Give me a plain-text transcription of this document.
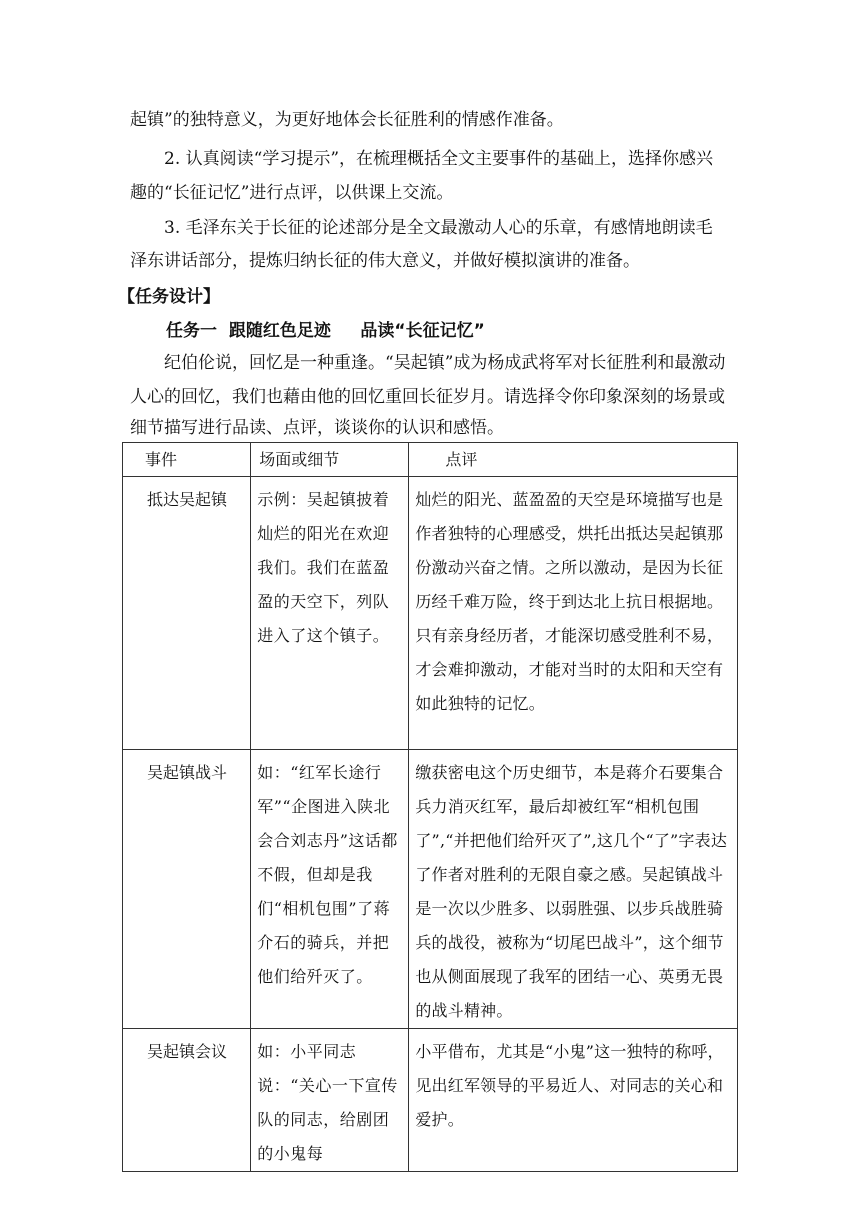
起镇”的独特意义，为更好地体会长征胜利的情感作准备。
2. 认真阅读“学习提示”，在梳理概括全文主要事件的基础上，选择你感兴
趣的“长征记忆”进行点评，以供课上交流。
3. 毛泽东关于长征的论述部分是全文最激动人心的乐章，有感情地朗读毛
泽东讲话部分，提炼归纳长征的伟大意义，并做好模拟演讲的准备。
【任务设计】
任务一  跟随红色足迹     品读“长征记忆”
纪伯伦说，回忆是一种重逢。“吴起镇”成为杨成武将军对长征胜利和最激动
人心的回忆，我们也藉由他的回忆重回长征岁月。请选择令你印象深刻的场景或
细节描写进行品读、点评，谈谈你的认识和感悟。
事件	场面或细节	点评

抵达吴起镇	示例：吴起镇披着灿烂的阳光在欢迎我们。我们在蓝盈盈的天空下，列队进入了这个镇子。	灿烂的阳光、蓝盈盈的天空是环境描写也是作者独特的心理感受，烘托出抵达吴起镇那份激动兴奋之情。之所以激动，是因为长征历经千难万险，终于到达北上抗日根据地。只有亲身经历者，才能深切感受胜利不易，才会难抑激动，才能对当时的太阳和天空有如此独特的记忆。

吴起镇战斗	如：“红军长途行军”“企图进入陕北会合刘志丹”这话都不假，但却是我们“相机包围”了蒋介石的骑兵，并把他们给歼灭了。	缴获密电这个历史细节，本是蒋介石要集合兵力消灭红军，最后却被红军“相机包围了”,“并把他们给歼灭了”,这几个“了”字表达了作者对胜利的无限自豪之感。吴起镇战斗是一次以少胜多、以弱胜强、以步兵战胜骑兵的战役，被称为“切尾巴战斗”，这个细节也从侧面展现了我军的团结一心、英勇无畏的战斗精神。

吴起镇会议	如：小平同志说：“关心一下宣传队的同志，给剧团的小鬼每	小平借布，尤其是“小鬼”这一独特的称呼，见出红军领导的平易近人、对同志的关心和爱护。
